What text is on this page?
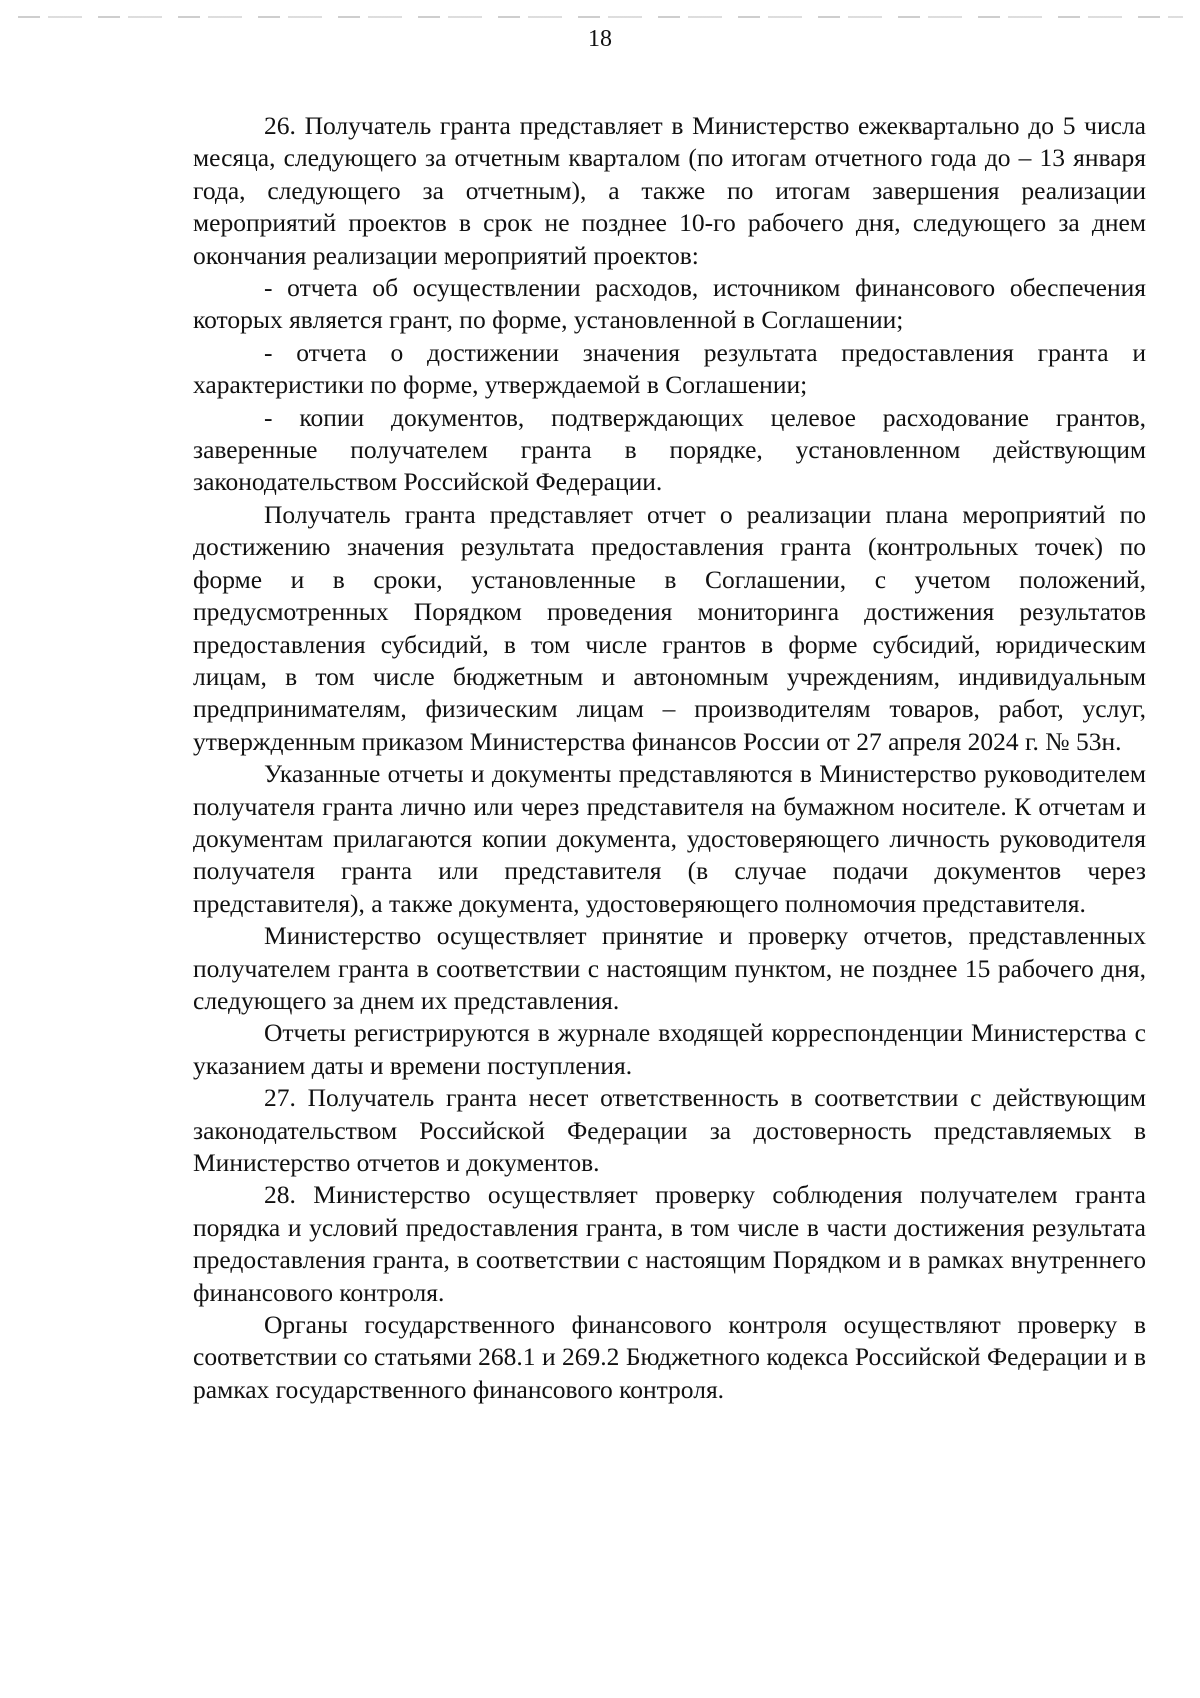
18

26. Получатель гранта представляет в Министерство ежеквартально до 5 числа месяца, следующего за отчетным кварталом (по итогам отчетного года до – 13 января года, следующего за отчетным), а также по итогам завершения реализации мероприятий проектов в срок не позднее 10-го рабочего дня, следующего за днем окончания реализации мероприятий проектов:

- отчета об осуществлении расходов, источником финансового обеспечения которых является грант, по форме, установленной в Соглашении;

- отчета о достижении значения результата предоставления гранта и характеристики по форме, утверждаемой в Соглашении;

- копии документов, подтверждающих целевое расходование грантов, заверенные получателем гранта в порядке, установленном действующим законодательством Российской Федерации.

Получатель гранта представляет отчет о реализации плана мероприятий по достижению значения результата предоставления гранта (контрольных точек) по форме и в сроки, установленные в Соглашении, с учетом положений, предусмотренных Порядком проведения мониторинга достижения результатов предоставления субсидий, в том числе грантов в форме субсидий, юридическим лицам, в том числе бюджетным и автономным учреждениям, индивидуальным предпринимателям, физическим лицам – производителям товаров, работ, услуг, утвержденным приказом Министерства финансов России от 27 апреля 2024 г. № 53н.

Указанные отчеты и документы представляются в Министерство руководителем получателя гранта лично или через представителя на бумажном носителе. К отчетам и документам прилагаются копии документа, удостоверяющего личность руководителя получателя гранта или представителя (в случае подачи документов через представителя), а также документа, удостоверяющего полномочия представителя.

Министерство осуществляет принятие и проверку отчетов, представленных получателем гранта в соответствии с настоящим пунктом, не позднее 15 рабочего дня, следующего за днем их представления.

Отчеты регистрируются в журнале входящей корреспонденции Министерства с указанием даты и времени поступления.

27. Получатель гранта несет ответственность в соответствии с действующим законодательством Российской Федерации за достоверность представляемых в Министерство отчетов и документов.

28. Министерство осуществляет проверку соблюдения получателем гранта порядка и условий предоставления гранта, в том числе в части достижения результата предоставления гранта, в соответствии с настоящим Порядком и в рамках внутреннего финансового контроля.

Органы государственного финансового контроля осуществляют проверку в соответствии со статьями 268.1 и 269.2 Бюджетного кодекса Российской Федерации и в рамках государственного финансового контроля.
